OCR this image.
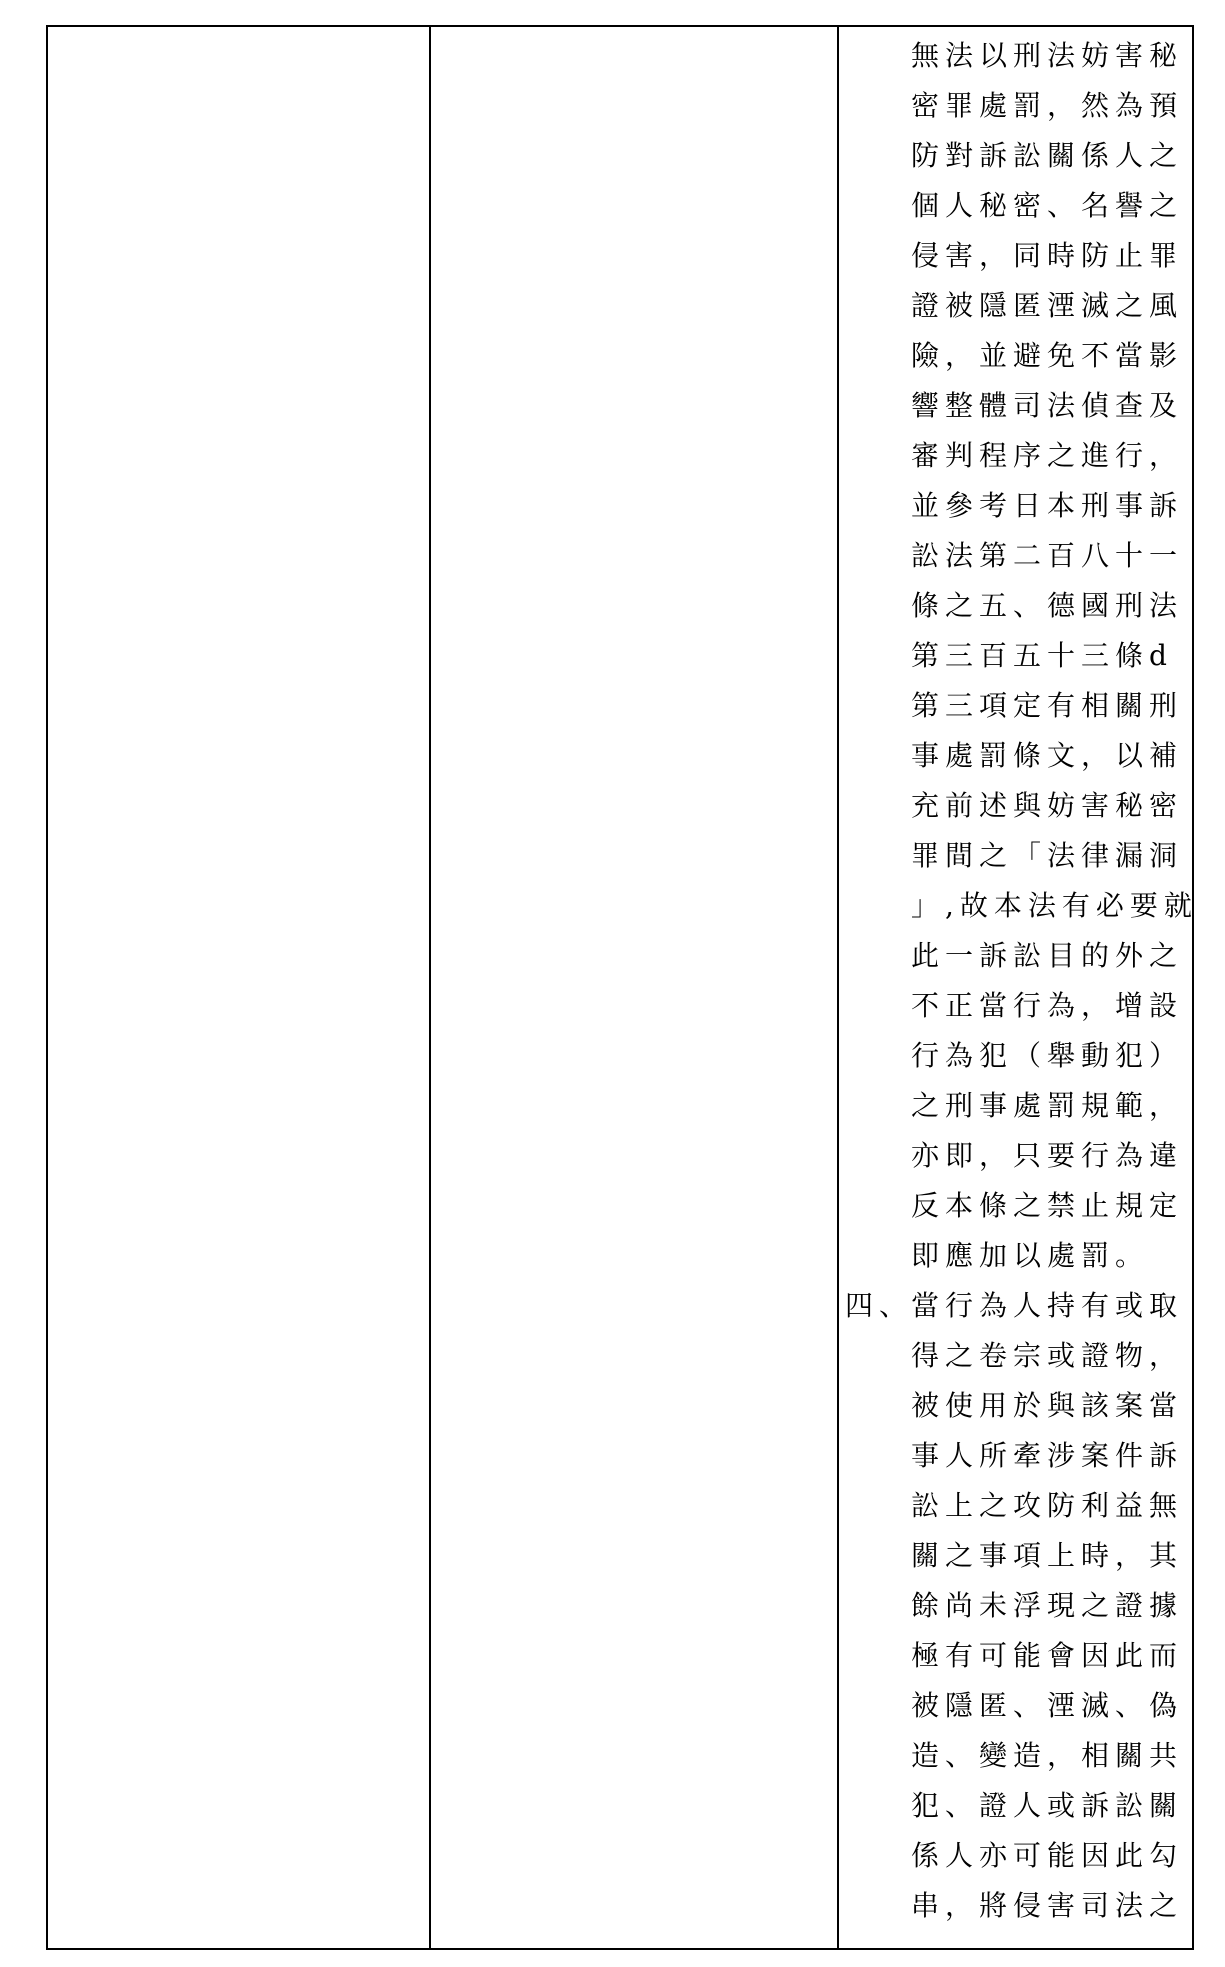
無法以刑法妨害秘
密罪處罰，然為預
防對訴訟關係人之
個人秘密、名譽之
侵害，同時防止罪
證被隱匿湮滅之風
險，並避免不當影
響整體司法偵查及
審判程序之進行，
並參考日本刑事訴
訟法第二百八十一
條之五、德國刑法
第三百五十三條d
第三項定有相關刑
事處罰條文，以補
充前述與妨害秘密
罪間之「法律漏洞
」,故本法有必要就
此一訴訟目的外之
不正當行為，增設
行為犯（舉動犯）
之刑事處罰規範，
亦即，只要行為違
反本條之禁止規定
即應加以處罰。
四、
當行為人持有或取
得之卷宗或證物，
被使用於與該案當
事人所牽涉案件訴
訟上之攻防利益無
關之事項上時，其
餘尚未浮現之證據
極有可能會因此而
被隱匿、湮滅、偽
造、變造，相關共
犯、證人或訴訟關
係人亦可能因此勾
串，將侵害司法之
